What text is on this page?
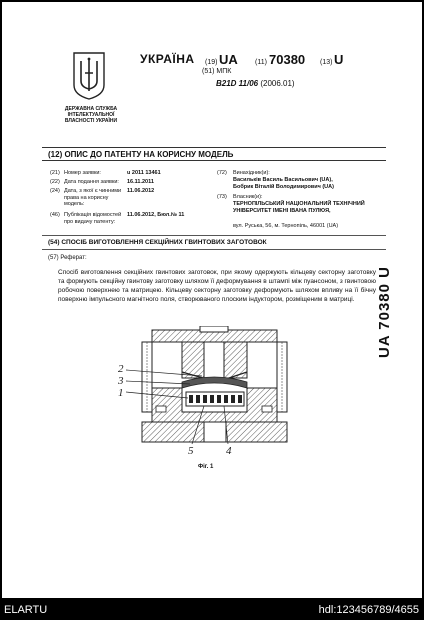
ДЕРЖАВНА СЛУЖБА ІНТЕЛЕКТУАЛЬНОЇ ВЛАСНОСТІ УКРАЇНИ
УКРАЇНА (19) UA (11) 70380 (13) U
(51) МПК
B21D 11/06 (2006.01)
(12) ОПИС ДО ПАТЕНТУ НА КОРИСНУ МОДЕЛЬ
(21) Номер заявки:	u 2011 13461
(22) Дата подання заявки:	16.11.2011
(24) Дата, з якої є чинними права на корисну модель:
11.06.2012
(46) Публікація відомостей про видачу патенту:
11.06.2012, Бюл.№ 11
(72) Винахідник(и):
Васильків Василь Васильович (UA),
Бобрик Віталій Володимирович (UA)
(73) Власник(и):
ТЕРНОПІЛЬСЬКИЙ НАЦІОНАЛЬНИЙ ТЕХНІЧНИЙ УНІВЕРСИТЕТ ІМЕНІ ІВАНА ПУЛЮЯ,
вул. Руська, 56, м. Тернопіль, 46001 (UA)
(54) СПОСІБ ВИГОТОВЛЕННЯ СЕКЦІЙНИХ ГВИНТОВИХ ЗАГОТОВОК
(57) Реферат:
Спосіб виготовлення секційних гвинтових заготовок, при якому одержують кільцеву секторну заготовку та формують секційну гвинтову заготовку шляхом її деформування в штампі між пуансоном, з гвинтовою робочою поверхнею та матрицею. Кільцеву секторну заготовку деформують шляхом впливу на її бічну поверхню імпульсного магнітного поля, створюваного плоским індуктором, розміщеним в матриці.	UA 70380 U
2
3
1
5	4
Фіг. 1
ELARTU	hdl:123456789/4655
